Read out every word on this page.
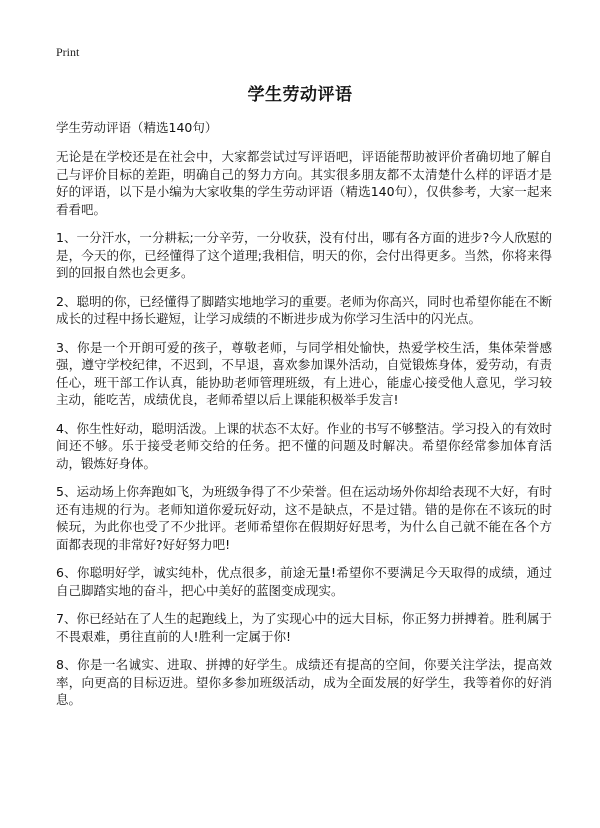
Print
学生劳动评语

学生劳动评语（精选140句）

无论是在学校还是在社会中，大家都尝试过写评语吧，评语能帮助被评价者确切地了解自己与评价目标的差距，明确自己的努力方向。其实很多朋友都不太清楚什么样的评语才是好的评语，以下是小编为大家收集的学生劳动评语（精选140句），仅供参考，大家一起来看看吧。

1、一分汗水，一分耕耘;一分辛劳，一分收获，没有付出，哪有各方面的进步?今人欣慰的是，今天的你，已经懂得了这个道理;我相信，明天的你，会付出得更多。当然，你将来得到的回报自然也会更多。

2、聪明的你，已经懂得了脚踏实地地学习的重要。老师为你高兴，同时也希望你能在不断成长的过程中扬长避短，让学习成绩的不断进步成为你学习生活中的闪光点。

3、你是一个开朗可爱的孩子，尊敬老师，与同学相处愉快，热爱学校生活，集体荣誉感强，遵守学校纪律，不迟到，不早退，喜欢参加课外活动，自觉锻炼身体，爱劳动，有责任心，班干部工作认真，能协助老师管理班级，有上进心，能虚心接受他人意见，学习较主动，能吃苦，成绩优良，老师希望以后上课能积极举手发言!

4、你生性好动，聪明活泼。上课的状态不太好。作业的书写不够整洁。学习投入的有效时间还不够。乐于接受老师交给的任务。把不懂的问题及时解决。希望你经常参加体育活动，锻炼好身体。

5、运动场上你奔跑如飞，为班级争得了不少荣誉。但在运动场外你却给表现不大好，有时还有违规的行为。老师知道你爱玩好动，这不是缺点，不是过错。错的是你在不该玩的时候玩，为此你也受了不少批评。老师希望你在假期好好思考，为什么自己就不能在各个方面都表现的非常好?好好努力吧!

6、你聪明好学，诚实纯朴，优点很多，前途无量!希望你不要满足今天取得的成绩，通过自己脚踏实地的奋斗，把心中美好的蓝图变成现实。

7、你已经站在了人生的起跑线上，为了实现心中的远大目标，你正努力拼搏着。胜利属于不畏艰难，勇往直前的人!胜利一定属于你!

8、你是一名诚实、进取、拼搏的好学生。成绩还有提高的空间，你要关注学法，提高效率，向更高的目标迈进。望你多参加班级活动，成为全面发展的好学生，我等着你的好消息。
